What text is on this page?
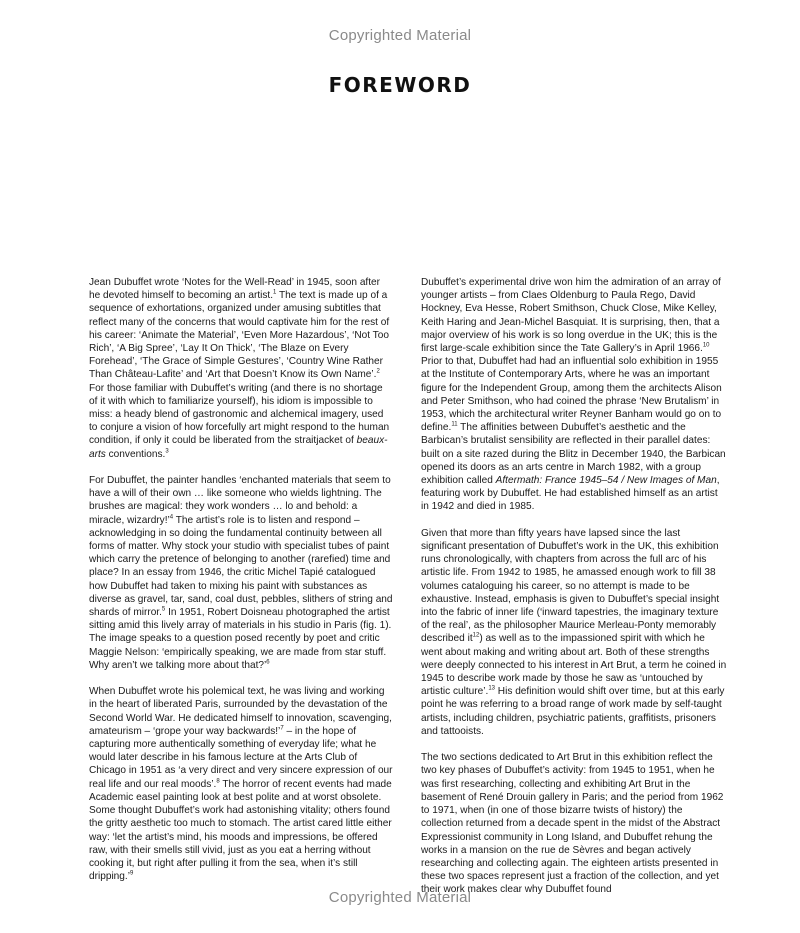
Copyrighted Material
FOREWORD

Jean Dubuffet wrote ‘Notes for the Well-Read’ in 1945, soon after he devoted himself to becoming an artist.$^1$ The text is made up of a sequence of exhortations, organized under amusing subtitles that reflect many of the concerns that would captivate him for the rest of his career: ‘Animate the Material’, ‘Even More Hazardous’, ‘Not Too Rich’, ‘A Big Spree’, ‘Lay It On Thick’, ‘The Blaze on Every Forehead’, ‘The Grace of Simple Gestures’, ‘Country Wine Rather Than Château-Lafite’ and ‘Art that Doesn’t Know its Own Name’.$^2$ For those familiar with Dubuffet’s writing (and there is no shortage of it with which to familiarize yourself), his idiom is impossible to miss: a heady blend of gastronomic and alchemical imagery, used to conjure a vision of how forcefully art might respond to the human condition, if only it could be liberated from the straitjacket of beaux-arts conventions.$^3$

For Dubuffet, the painter handles ‘enchanted materials that seem to have a will of their own … like someone who wields lightning. The brushes are magical: they work wonders … lo and behold: a miracle, wizardry!’$^4$ The artist’s role is to listen and respond – acknowledging in so doing the fundamental continuity between all forms of matter. Why stock your studio with specialist tubes of paint which carry the pretence of belonging to another (rarefied) time and place? In an essay from 1946, the critic Michel Tapié catalogued how Dubuffet had taken to mixing his paint with substances as diverse as gravel, tar, sand, coal dust, pebbles, slithers of string and shards of mirror.$^5$ In 1951, Robert Doisneau photographed the artist sitting amid this lively array of materials in his studio in Paris (fig. 1). The image speaks to a question posed recently by poet and critic Maggie Nelson: ‘empirically speaking, we are made from star stuff. Why aren’t we talking more about that?’$^6$

When Dubuffet wrote his polemical text, he was living and working in the heart of liberated Paris, surrounded by the devastation of the Second World War. He dedicated himself to innovation, scavenging, amateurism – ‘grope your way backwards!’$^7$ – in the hope of capturing more authentically something of everyday life; what he would later describe in his famous lecture at the Arts Club of Chicago in 1951 as ‘a very direct and very sincere expression of our real life and our real moods’.$^8$ The horror of recent events had made Academic easel painting look at best polite and at worst obsolete. Some thought Dubuffet’s work had astonishing vitality; others found the gritty aesthetic too much to stomach. The artist cared little either way: ‘let the artist’s mind, his moods and impressions, be offered raw, with their smells still vivid, just as you eat a herring without cooking it, but right after pulling it from the sea, when it’s still dripping.’$^9$

Dubuffet’s experimental drive won him the admiration of an array of younger artists – from Claes Oldenburg to Paula Rego, David Hockney, Eva Hesse, Robert Smithson, Chuck Close, Mike Kelley, Keith Haring and Jean-Michel Basquiat. It is surprising, then, that a major overview of his work is so long overdue in the UK; this is the first large-scale exhibition since the Tate Gallery’s in April 1966.10 Prior to that, Dubuffet had had an influential solo exhibition in 1955 at the Institute of Contemporary Arts, where he was an important figure for the Independent Group, among them the architects Alison and Peter Smithson, who had coined the phrase ‘New Brutalism’ in 1953, which the architectural writer Reyner Banham would go on to define.$^{11}$ The affinities between Dubuffet’s aesthetic and the Barbican’s brutalist sensibility are reflected in their parallel dates: built on a site razed during the Blitz in December 1940, the Barbican opened its doors as an arts centre in March 1982, with a group exhibition called Aftermath: France 1945–54 / New Images of Man, featuring work by Dubuffet. He had established himself as an artist in 1942 and died in 1985.

Given that more than fifty years have lapsed since the last significant presentation of Dubuffet’s work in the UK, this exhibition runs chronologically, with chapters from across the full arc of his artistic life. From 1942 to 1985, he amassed enough work to fill 38 volumes cataloguing his career, so no attempt is made to be exhaustive. Instead, emphasis is given to Dubuffet’s special insight into the fabric of inner life (‘inward tapestries, the imaginary texture of the real’, as the philosopher Maurice Merleau-Ponty memorably described $it^{12}$) as well as to the impassioned spirit with which he went about making and writing about art. Both of these strengths were deeply connected to his interest in Art Brut, a term he coined in 1945 to describe work made by those he saw as ‘untouched by artistic culture’.$^{13}$ His definition would shift over time, but at this early point he was referring to a broad range of work made by self-taught artists, including children, psychiatric patients, graffitists, prisoners and tattooists.

The two sections dedicated to Art Brut in this exhibition reflect the two key phases of Dubuffet’s activity: from 1945 to 1951, when he was first researching, collecting and exhibiting Art Brut in the basement of René Drouin gallery in Paris; and the period from 1962 to 1971, when (in one of those bizarre twists of history) the collection returned from a decade spent in the midst of the Abstract Expressionist community in Long Island, and Dubuffet rehung the works in a mansion on the rue de Sèvres and began actively researching and collecting again. The eighteen artists presented in these two spaces represent just a fraction of the collection, and yet their work makes clear why Dubuffet found

Copyrighted Material
